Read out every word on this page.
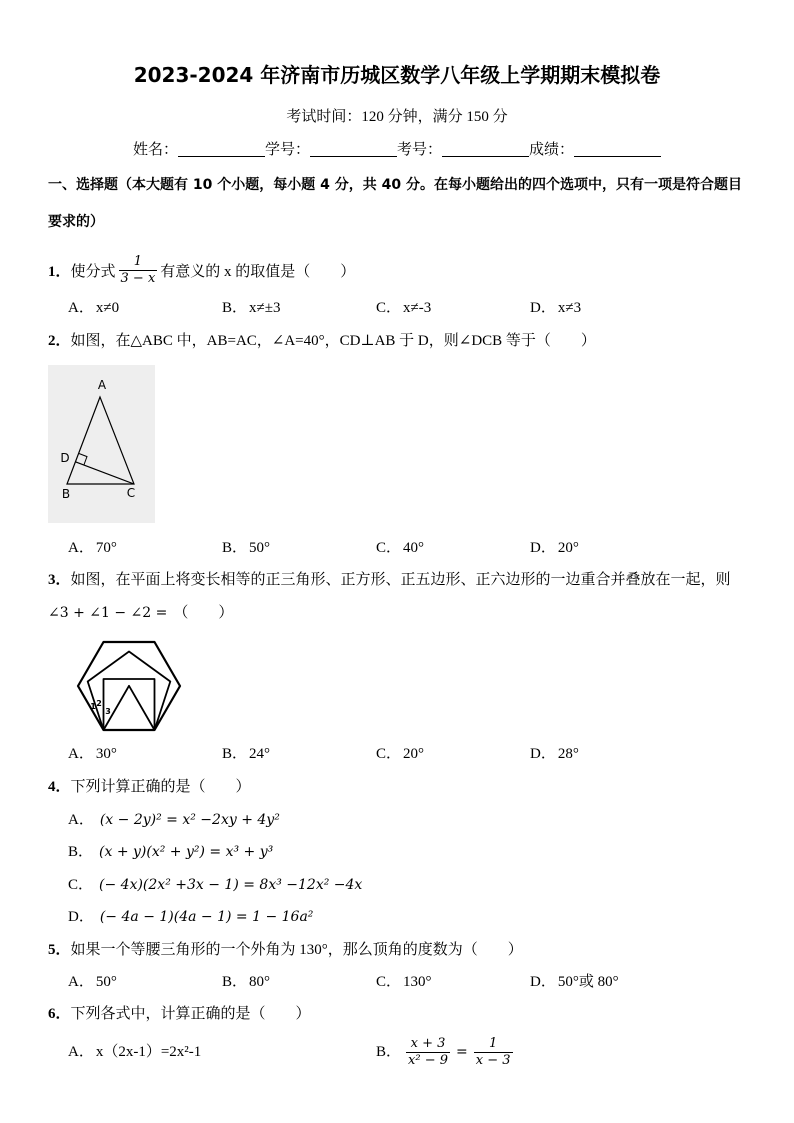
2023-2024 年济南市历城区数学八年级上学期期末模拟卷
考试时间：120 分钟，满分 150 分
姓名：	学号：	考号：	成绩：
一、选择题（本大题有 10 个小题，每小题 4 分，共 40 分。在每小题给出的四个选项中，只有一项是符合题目要求的）
1． 使分式 $\frac{1}{3 - x}$ 有意义的 x 的取值是（　　）
A． x≠0	B． x≠±3	C． x≠-3	D． x≠3
2． 如图，在△ABC 中，AB=AC，∠A=40°，CD⊥AB 于 D，则∠DCB 等于（　　）
A
D
B	C
A． 70°	B． 50°	C． 40°	D． 20°
3． 如图，在平面上将变长相等的正三角形、正方形、正五边形、正六边形的一边重合并叠放在一起，则
∠3 + ∠1 − ∠2 = （　　）
1 2
3
A． 30°	B． 24°	C． 20°	D． 28°
4． 下列计算正确的是（　　）
A． (x − 2y)² = x² −2xy + 4y²
B． (x + y)(x² + y²) = x³ + y³
C． (− 4x)(2x² +3x − 1) = 8x³ −12x² −4x
D． (− 4a − 1)(4a − 1) = 1 − 16a²
5． 如果一个等腰三角形的一个外角为 130°，那么顶角的度数为（　　）
A． 50°	B． 80°	C． 130°	D． 50°或 80°
6． 下列各式中，计算正确的是（　　）
A． x（2x-1）=2x²-1	B． $\frac{x + 3}{\text{x² − 9}} = \frac{1}{x - 3}$
